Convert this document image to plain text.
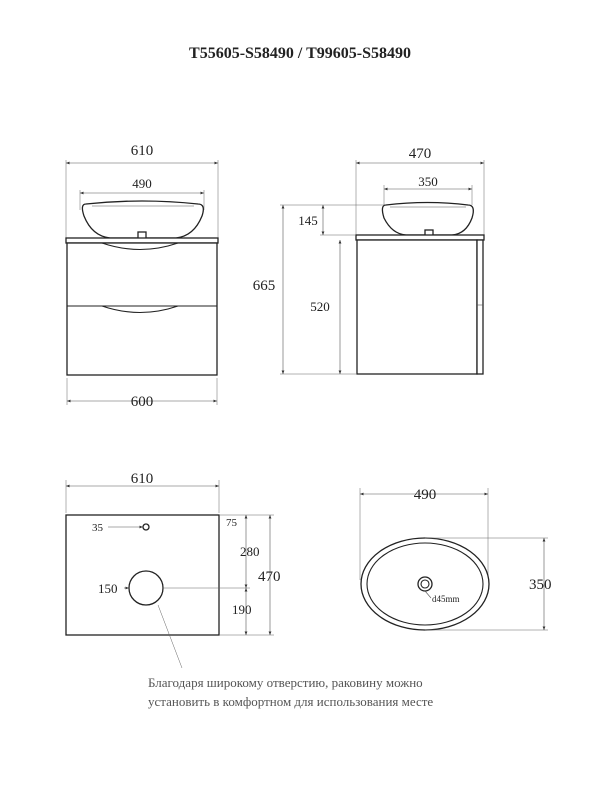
T55605-S58490 / T99605-S58490
610
490
600
470
350
665
145
520
610
35	75
150
280
190
470
490
d45mm
350
Благодаря широкому отверстию, раковину можно
установить в комфортном для использования месте
